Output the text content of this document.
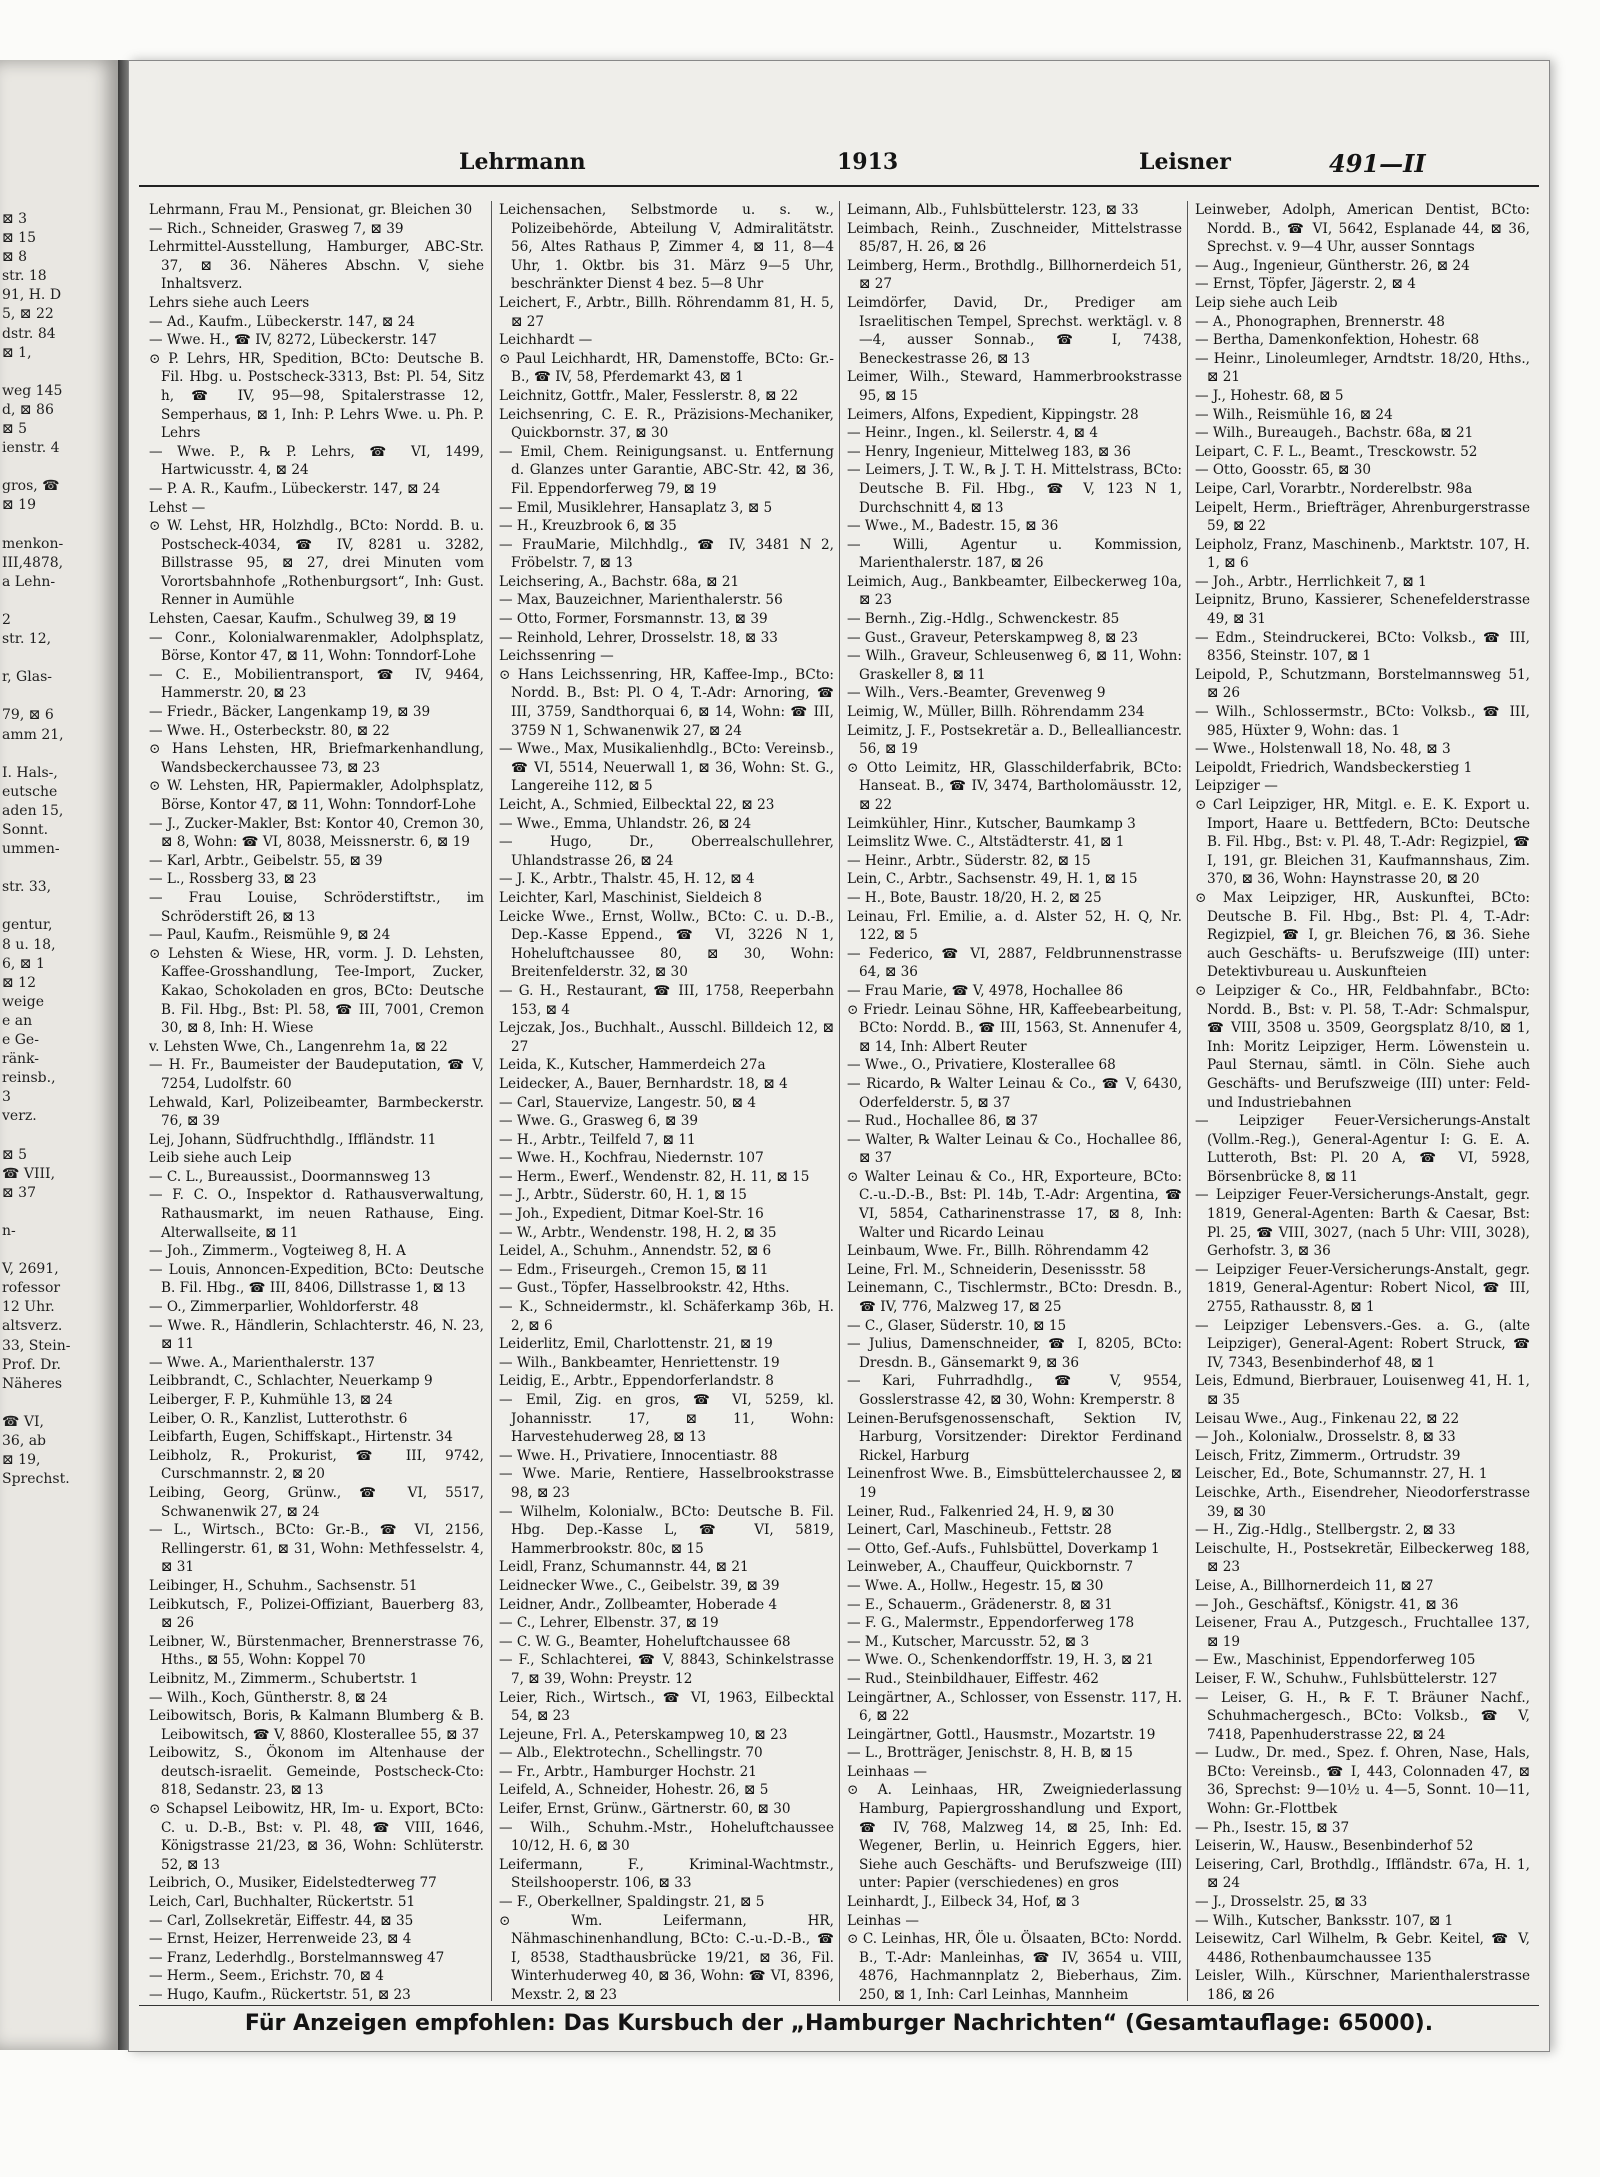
⊠ 3
⊠ 15
⊠ 8
str. 18
91, H. D
5, ⊠ 22
dstr. 84
⊠ 1,

weg 145
d, ⊠ 86
⊠ 5
ienstr. 4

gros, ☎
⊠ 19

menkon-
III,4878,
a Lehn-

2
str. 12,

r, Glas-

79, ⊠ 6
amm 21,

I. Hals-,
eutsche
aden 15,
Sonnt.
ummen-

str. 33,

gentur,
8 u. 18,
6, ⊠ 1
⊠ 12
weige
e an
e Ge-
ränk-
reinsb.,
3
verz.

⊠ 5
☎ VIII,
⊠ 37

n-

V, 2691,
rofessor
12 Uhr.
altsverz.
33, Stein-
Prof. Dr.
Näheres

☎ VI,
36, ab
⊠ 19,
Sprechst.
Lehrmann	1913	Leisner	491—II
Lehrmann, Frau M., Pensionat, gr. Bleichen 30
— Rich., Schneider, Grasweg 7, ⊠ 39
Lehrmittel-Ausstellung, Hamburger, ABC-Str. 37, ⊠ 36. Näheres Abschn. V, siehe Inhaltsverz.
Lehrs siehe auch Leers
— Ad., Kaufm., Lübeckerstr. 147, ⊠ 24
— Wwe. H., ☎ IV, 8272, Lübeckerstr. 147
⊙ P. Lehrs, HR, Spedition, BCto: Deutsche B. Fil. Hbg. u. Postscheck-3313, Bst: Pl. 54, Sitz h, ☎ IV, 95—98, Spitalerstrasse 12, Semperhaus, ⊠ 1, Inh: P. Lehrs Wwe. u. Ph. P. Lehrs
— Wwe. P., ℞ P. Lehrs, ☎ VI, 1499, Hartwicusstr. 4, ⊠ 24
— P. A. R., Kaufm., Lübeckerstr. 147, ⊠ 24
Lehst —
⊙ W. Lehst, HR, Holzhdlg., BCto: Nordd. B. u. Postscheck-4034, ☎ IV, 8281 u. 3282, Billstrasse 95, ⊠ 27, drei Minuten vom Vorortsbahnhofe „Rothenburgsort“, Inh: Gust. Renner in Aumühle
Lehsten, Caesar, Kaufm., Schulweg 39, ⊠ 19
— Conr., Kolonialwarenmakler, Adolphsplatz, Börse, Kontor 47, ⊠ 11, Wohn: Tonndorf-Lohe
— C. E., Mobilientransport, ☎ IV, 9464, Hammerstr. 20, ⊠ 23
— Friedr., Bäcker, Langenkamp 19, ⊠ 39
— Wwe. H., Osterbeckstr. 80, ⊠ 22
⊙ Hans Lehsten, HR, Briefmarkenhandlung, Wandsbeckerchaussee 73, ⊠ 23
⊙ W. Lehsten, HR, Papiermakler, Adolphsplatz, Börse, Kontor 47, ⊠ 11, Wohn: Tonndorf-Lohe
— J., Zucker-Makler, Bst: Kontor 40, Cremon 30, ⊠ 8, Wohn: ☎ VI, 8038, Meissnerstr. 6, ⊠ 19
— Karl, Arbtr., Geibelstr. 55, ⊠ 39
— L., Rossberg 33, ⊠ 23
— Frau Louise, Schröderstiftstr., im Schröderstift 26, ⊠ 13
— Paul, Kaufm., Reismühle 9, ⊠ 24
⊙ Lehsten & Wiese, HR, vorm. J. D. Lehsten, Kaffee-Grosshandlung, Tee-Import, Zucker, Kakao, Schokoladen en gros, BCto: Deutsche B. Fil. Hbg., Bst: Pl. 58, ☎ III, 7001, Cremon 30, ⊠ 8, Inh: H. Wiese
v. Lehsten Wwe, Ch., Langenrehm 1a, ⊠ 22
— H. Fr., Baumeister der Baudeputation, ☎ V, 7254, Ludolfstr. 60
Lehwald, Karl, Polizeibeamter, Barmbeckerstr. 76, ⊠ 39
Lej, Johann, Südfruchthdlg., Iffländstr. 11
Leib siehe auch Leip
— C. L., Bureaussist., Doormannsweg 13
— F. C. O., Inspektor d. Rathausverwaltung, Rathausmarkt, im neuen Rathause, Eing. Alterwallseite, ⊠ 11
— Joh., Zimmerm., Vogteiweg 8, H. A
— Louis, Annoncen-Expedition, BCto: Deutsche B. Fil. Hbg., ☎ III, 8406, Dillstrasse 1, ⊠ 13
— O., Zimmerparlier, Wohldorferstr. 48
— Wwe. R., Händlerin, Schlachterstr. 46, N. 23, ⊠ 11
— Wwe. A., Marienthalerstr. 137
Leibbrandt, C., Schlachter, Neuerkamp 9
Leiberger, F. P., Kuhmühle 13, ⊠ 24
Leiber, O. R., Kanzlist, Lutterothstr. 6
Leibfarth, Eugen, Schiffskapt., Hirtenstr. 34
Leibholz, R., Prokurist, ☎ III, 9742, Curschmannstr. 2, ⊠ 20
Leibing, Georg, Grünw., ☎ VI, 5517, Schwanenwik 27, ⊠ 24
— L., Wirtsch., BCto: Gr.-B., ☎ VI, 2156, Rellingerstr. 61, ⊠ 31, Wohn: Methfesselstr. 4, ⊠ 31
Leibinger, H., Schuhm., Sachsenstr. 51
Leibkutsch, F., Polizei-Offiziant, Bauerberg 83, ⊠ 26
Leibner, W., Bürstenmacher, Brennerstrasse 76, Hths., ⊠ 55, Wohn: Koppel 70
Leibnitz, M., Zimmerm., Schubertstr. 1
— Wilh., Koch, Güntherstr. 8, ⊠ 24
Leibowitsch, Boris, ℞ Kalmann Blumberg & B. Leibowitsch, ☎ V, 8860, Klosterallee 55, ⊠ 37
Leibowitz, S., Ökonom im Altenhause der deutsch-israelit. Gemeinde, Postscheck-Cto: 818, Sedanstr. 23, ⊠ 13
⊙ Schapsel Leibowitz, HR, Im- u. Export, BCto: C. u. D.-B., Bst: v. Pl. 48, ☎ VIII, 1646, Königstrasse 21/23, ⊠ 36, Wohn: Schlüterstr. 52, ⊠ 13
Leibrich, O., Musiker, Eidelstedterweg 77
Leich, Carl, Buchhalter, Rückertstr. 51
— Carl, Zollsekretär, Eiffestr. 44, ⊠ 35
— Ernst, Heizer, Herrenweide 23, ⊠ 4
— Franz, Lederhdlg., Borstelmannsweg 47
— Herm., Seem., Erichstr. 70, ⊠ 4
— Hugo, Kaufm., Rückertstr. 51, ⊠ 23
Leichensachen, Selbstmorde u. s. w., Polizeibehörde, Abteilung V, Admiralitätstr. 56, Altes Rathaus P, Zimmer 4, ⊠ 11, 8—4 Uhr, 1. Oktbr. bis 31. März 9—5 Uhr, beschränkter Dienst 4 bez. 5—8 Uhr
Leichert, F., Arbtr., Billh. Röhrendamm 81, H. 5, ⊠ 27
Leichhardt —
⊙ Paul Leichhardt, HR, Damenstoffe, BCto: Gr.-B., ☎ IV, 58, Pferdemarkt 43, ⊠ 1
Leichnitz, Gottfr., Maler, Fesslerstr. 8, ⊠ 22
Leichsenring, C. E. R., Präzisions-Mechaniker, Quickbornstr. 37, ⊠ 30
— Emil, Chem. Reinigungsanst. u. Entfernung d. Glanzes unter Garantie, ABC-Str. 42, ⊠ 36, Fil. Eppendorferweg 79, ⊠ 19
— Emil, Musiklehrer, Hansaplatz 3, ⊠ 5
— H., Kreuzbrook 6, ⊠ 35
— FrauMarie, Milchhdlg., ☎ IV, 3481 N 2, Fröbelstr. 7, ⊠ 13
Leichsering, A., Bachstr. 68a, ⊠ 21
— Max, Bauzeichner, Marienthalerstr. 56
— Otto, Former, Forsmannstr. 13, ⊠ 39
— Reinhold, Lehrer, Drosselstr. 18, ⊠ 33
Leichssenring —
⊙ Hans Leichssenring, HR, Kaffee-Imp., BCto: Nordd. B., Bst: Pl. O 4, T.-Adr: Arnoring, ☎ III, 3759, Sandthorquai 6, ⊠ 14, Wohn: ☎ III, 3759 N 1, Schwanenwik 27, ⊠ 24
— Wwe., Max, Musikalienhdlg., BCto: Vereinsb., ☎ VI, 5514, Neuerwall 1, ⊠ 36, Wohn: St. G., Langereihe 112, ⊠ 5
Leicht, A., Schmied, Eilbecktal 22, ⊠ 23
— Wwe., Emma, Uhlandstr. 26, ⊠ 24
— Hugo, Dr., Oberrealschullehrer, Uhlandstrasse 26, ⊠ 24
— J. K., Arbtr., Thalstr. 45, H. 12, ⊠ 4
Leichter, Karl, Maschinist, Sieldeich 8
Leicke Wwe., Ernst, Wollw., BCto: C. u. D.-B., Dep.-Kasse Eppend., ☎ VI, 3226 N 1, Hoheluftchaussee 80, ⊠ 30, Wohn: Breitenfelderstr. 32, ⊠ 30
— G. H., Restaurant, ☎ III, 1758, Reeperbahn 153, ⊠ 4
Lejczak, Jos., Buchhalt., Ausschl. Billdeich 12, ⊠ 27
Leida, K., Kutscher, Hammerdeich 27a
Leidecker, A., Bauer, Bernhardstr. 18, ⊠ 4
— Carl, Stauervize, Langestr. 50, ⊠ 4
— Wwe. G., Grasweg 6, ⊠ 39
— H., Arbtr., Teilfeld 7, ⊠ 11
— Wwe. H., Kochfrau, Niedernstr. 107
— Herm., Ewerf., Wendenstr. 82, H. 11, ⊠ 15
— J., Arbtr., Süderstr. 60, H. 1, ⊠ 15
— Joh., Expedient, Ditmar Koel-Str. 16
— W., Arbtr., Wendenstr. 198, H. 2, ⊠ 35
Leidel, A., Schuhm., Annendstr. 52, ⊠ 6
— Edm., Friseurgeh., Cremon 15, ⊠ 11
— Gust., Töpfer, Hasselbrookstr. 42, Hths.
— K., Schneidermstr., kl. Schäferkamp 36b, H. 2, ⊠ 6
Leiderlitz, Emil, Charlottenstr. 21, ⊠ 19
— Wilh., Bankbeamter, Henriettenstr. 19
Leidig, E., Arbtr., Eppendorferlandstr. 8
— Emil, Zig. en gros, ☎ VI, 5259, kl. Johannisstr. 17, ⊠ 11, Wohn: Harvestehuderweg 28, ⊠ 13
— Wwe. H., Privatiere, Innocentiastr. 88
— Wwe. Marie, Rentiere, Hasselbrookstrasse 98, ⊠ 23
— Wilhelm, Kolonialw., BCto: Deutsche B. Fil. Hbg. Dep.-Kasse L, ☎ VI, 5819, Hammerbrookstr. 80c, ⊠ 15
Leidl, Franz, Schumannstr. 44, ⊠ 21
Leidnecker Wwe., C., Geibelstr. 39, ⊠ 39
Leidner, Andr., Zollbeamter, Hoberade 4
— C., Lehrer, Elbenstr. 37, ⊠ 19
— C. W. G., Beamter, Hoheluftchaussee 68
— F., Schlachterei, ☎ V, 8843, Schinkelstrasse 7, ⊠ 39, Wohn: Preystr. 12
Leier, Rich., Wirtsch., ☎ VI, 1963, Eilbecktal 54, ⊠ 23
Lejeune, Frl. A., Peterskampweg 10, ⊠ 23
— Alb., Elektrotechn., Schellingstr. 70
— Fr., Arbtr., Hamburger Hochstr. 21
Leifeld, A., Schneider, Hohestr. 26, ⊠ 5
Leifer, Ernst, Grünw., Gärtnerstr. 60, ⊠ 30
— Wilh., Schuhm.-Mstr., Hoheluftchaussee 10/12, H. 6, ⊠ 30
Leifermann, F., Kriminal-Wachtmstr., Steilshooperstr. 106, ⊠ 33
— F., Oberkellner, Spaldingstr. 21, ⊠ 5
⊙ Wm. Leifermann, HR, Nähmaschinenhandlung, BCto: C.-u.-D.-B., ☎ I, 8538, Stadthausbrücke 19/21, ⊠ 36, Fil. Winterhuderweg 40, ⊠ 36, Wohn: ☎ VI, 8396, Mexstr. 2, ⊠ 23
Leimann, Alb., Fuhlsbüttelerstr. 123, ⊠ 33
Leimbach, Reinh., Zuschneider, Mittelstrasse 85/87, H. 26, ⊠ 26
Leimberg, Herm., Brothdlg., Billhornerdeich 51, ⊠ 27
Leimdörfer, David, Dr., Prediger am Israelitischen Tempel, Sprechst. werktägl. v. 8—4, ausser Sonnab., ☎ I, 7438, Beneckestrasse 26, ⊠ 13
Leimer, Wilh., Steward, Hammerbrookstrasse 95, ⊠ 15
Leimers, Alfons, Expedient, Kippingstr. 28
— Heinr., Ingen., kl. Seilerstr. 4, ⊠ 4
— Henry, Ingenieur, Mittelweg 183, ⊠ 36
— Leimers, J. T. W., ℞ J. T. H. Mittelstrass, BCto: Deutsche B. Fil. Hbg., ☎ V, 123 N 1, Durchschnitt 4, ⊠ 13
— Wwe., M., Badestr. 15, ⊠ 36
— Willi, Agentur u. Kommission, Marienthalerstr. 187, ⊠ 26
Leimich, Aug., Bankbeamter, Eilbeckerweg 10a, ⊠ 23
— Bernh., Zig.-Hdlg., Schwenckestr. 85
— Gust., Graveur, Peterskampweg 8, ⊠ 23
— Wilh., Graveur, Schleusenweg 6, ⊠ 11, Wohn: Graskeller 8, ⊠ 11
— Wilh., Vers.-Beamter, Grevenweg 9
Leimig, W., Müller, Billh. Röhrendamm 234
Leimitz, J. F., Postsekretär a. D., Bellealliancestr. 56, ⊠ 19
⊙ Otto Leimitz, HR, Glasschilderfabrik, BCto: Hanseat. B., ☎ IV, 3474, Bartholomäusstr. 12, ⊠ 22
Leimkühler, Hinr., Kutscher, Baumkamp 3
Leimslitz Wwe. C., Altstädterstr. 41, ⊠ 1
— Heinr., Arbtr., Süderstr. 82, ⊠ 15
Lein, C., Arbtr., Sachsenstr. 49, H. 1, ⊠ 15
— H., Bote, Baustr. 18/20, H. 2, ⊠ 25
Leinau, Frl. Emilie, a. d. Alster 52, H. Q, Nr. 122, ⊠ 5
— Federico, ☎ VI, 2887, Feldbrunnenstrasse 64, ⊠ 36
— Frau Marie, ☎ V, 4978, Hochallee 86
⊙ Friedr. Leinau Söhne, HR, Kaffeebearbeitung, BCto: Nordd. B., ☎ III, 1563, St. Annenufer 4, ⊠ 14, Inh: Albert Reuter
— Wwe., O., Privatiere, Klosterallee 68
— Ricardo, ℞ Walter Leinau & Co., ☎ V, 6430, Oderfelderstr. 5, ⊠ 37
— Rud., Hochallee 86, ⊠ 37
— Walter, ℞ Walter Leinau & Co., Hochallee 86, ⊠ 37
⊙ Walter Leinau & Co., HR, Exporteure, BCto: C.-u.-D.-B., Bst: Pl. 14b, T.-Adr: Argentina, ☎ VI, 5854, Catharinenstrasse 17, ⊠ 8, Inh: Walter und Ricardo Leinau
Leinbaum, Wwe. Fr., Billh. Röhrendamm 42
Leine, Frl. M., Schneiderin, Desenissstr. 58
Leinemann, C., Tischlermstr., BCto: Dresdn. B., ☎ IV, 776, Malzweg 17, ⊠ 25
— C., Glaser, Süderstr. 10, ⊠ 15
— Julius, Damenschneider, ☎ I, 8205, BCto: Dresdn. B., Gänsemarkt 9, ⊠ 36
— Kari, Fuhrradhdlg., ☎ V, 9554, Gosslerstrasse 42, ⊠ 30, Wohn: Kremperstr. 8
Leinen-Berufsgenossenschaft, Sektion IV, Harburg, Vorsitzender: Direktor Ferdinand Rickel, Harburg
Leinenfrost Wwe. B., Eimsbüttelerchaussee 2, ⊠ 19
Leiner, Rud., Falkenried 24, H. 9, ⊠ 30
Leinert, Carl, Maschineub., Fettstr. 28
— Otto, Gef.-Aufs., Fuhlsbüttel, Doverkamp 1
Leinweber, A., Chauffeur, Quickbornstr. 7
— Wwe. A., Hollw., Hegestr. 15, ⊠ 30
— E., Schauerm., Grädenerstr. 8, ⊠ 31
— F. G., Malermstr., Eppendorferweg 178
— M., Kutscher, Marcusstr. 52, ⊠ 3
— Wwe. O., Schenkendorffstr. 19, H. 3, ⊠ 21
— Rud., Steinbildhauer, Eiffestr. 462
Leingärtner, A., Schlosser, von Essenstr. 117, H. 6, ⊠ 22
Leingärtner, Gottl., Hausmstr., Mozartstr. 19
— L., Brotträger, Jenischstr. 8, H. B, ⊠ 15
Leinhaas —
⊙ A. Leinhaas, HR, Zweigniederlassung Hamburg, Papiergrosshandlung und Export, ☎ IV, 768, Malzweg 14, ⊠ 25, Inh: Ed. Wegener, Berlin, u. Heinrich Eggers, hier. Siehe auch Geschäfts- und Berufszweige (III) unter: Papier (verschiedenes) en gros
Leinhardt, J., Eilbeck 34, Hof, ⊠ 3
Leinhas —
⊙ C. Leinhas, HR, Öle u. Ölsaaten, BCto: Nordd. B., T.-Adr: Manleinhas, ☎ IV, 3654 u. VIII, 4876, Hachmannplatz 2, Bieberhaus, Zim. 250, ⊠ 1, Inh: Carl Leinhas, Mannheim
Leinweber, Adolph, American Dentist, BCto: Nordd. B., ☎ VI, 5642, Esplanade 44, ⊠ 36, Sprechst. v. 9—4 Uhr, ausser Sonntags
— Aug., Ingenieur, Güntherstr. 26, ⊠ 24
— Ernst, Töpfer, Jägerstr. 2, ⊠ 4
Leip siehe auch Leib
— A., Phonographen, Brennerstr. 48
— Bertha, Damenkonfektion, Hohestr. 68
— Heinr., Linoleumleger, Arndtstr. 18/20, Hths., ⊠ 21
— J., Hohestr. 68, ⊠ 5
— Wilh., Reismühle 16, ⊠ 24
— Wilh., Bureaugeh., Bachstr. 68a, ⊠ 21
Leipart, C. F. L., Beamt., Tresckowstr. 52
— Otto, Goosstr. 65, ⊠ 30
Leipe, Carl, Vorarbtr., Norderelbstr. 98a
Leipelt, Herm., Briefträger, Ahrenburgerstrasse 59, ⊠ 22
Leipholz, Franz, Maschinenb., Marktstr. 107, H. 1, ⊠ 6
— Joh., Arbtr., Herrlichkeit 7, ⊠ 1
Leipnitz, Bruno, Kassierer, Schenefelderstrasse 49, ⊠ 31
— Edm., Steindruckerei, BCto: Volksb., ☎ III, 8356, Steinstr. 107, ⊠ 1
Leipold, P., Schutzmann, Borstelmannsweg 51, ⊠ 26
— Wilh., Schlossermstr., BCto: Volksb., ☎ III, 985, Hüxter 9, Wohn: das. 1
— Wwe., Holstenwall 18, No. 48, ⊠ 3
Leipoldt, Friedrich, Wandsbeckerstieg 1
Leipziger —
⊙ Carl Leipziger, HR, Mitgl. e. E. K. Export u. Import, Haare u. Bettfedern, BCto: Deutsche B. Fil. Hbg., Bst: v. Pl. 48, T.-Adr: Regizpiel, ☎ I, 191, gr. Bleichen 31, Kaufmannshaus, Zim. 370, ⊠ 36, Wohn: Haynstrasse 20, ⊠ 20
⊙ Max Leipziger, HR, Auskunftei, BCto: Deutsche B. Fil. Hbg., Bst: Pl. 4, T.-Adr: Regizpiel, ☎ I, gr. Bleichen 76, ⊠ 36. Siehe auch Geschäfts- u. Berufszweige (III) unter: Detektivbureau u. Auskunfteien
⊙ Leipziger & Co., HR, Feldbahnfabr., BCto: Nordd. B., Bst: v. Pl. 58, T.-Adr: Schmalspur, ☎ VIII, 3508 u. 3509, Georgsplatz 8/10, ⊠ 1, Inh: Moritz Leipziger, Herm. Löwenstein u. Paul Sternau, sämtl. in Cöln. Siehe auch Geschäfts- und Berufszweige (III) unter: Feld- und Industriebahnen
— Leipziger Feuer-Versicherungs-Anstalt (Vollm.-Reg.), General-Agentur I: G. E. A. Lutteroth, Bst: Pl. 20 A, ☎ VI, 5928, Börsenbrücke 8, ⊠ 11
— Leipziger Feuer-Versicherungs-Anstalt, gegr. 1819, General-Agenten: Barth & Caesar, Bst: Pl. 25, ☎ VIII, 3027, (nach 5 Uhr: VIII, 3028), Gerhofstr. 3, ⊠ 36
— Leipziger Feuer-Versicherungs-Anstalt, gegr. 1819, General-Agentur: Robert Nicol, ☎ III, 2755, Rathausstr. 8, ⊠ 1
— Leipziger Lebensvers.-Ges. a. G., (alte Leipziger), General-Agent: Robert Struck, ☎ IV, 7343, Besenbinderhof 48, ⊠ 1
Leis, Edmund, Bierbrauer, Louisenweg 41, H. 1, ⊠ 35
Leisau Wwe., Aug., Finkenau 22, ⊠ 22
— Joh., Kolonialw., Drosselstr. 8, ⊠ 33
Leisch, Fritz, Zimmerm., Ortrudstr. 39
Leischer, Ed., Bote, Schumannstr. 27, H. 1
Leischke, Arth., Eisendreher, Nieodorferstrasse 39, ⊠ 30
— H., Zig.-Hdlg., Stellbergstr. 2, ⊠ 33
Leischulte, H., Postsekretär, Eilbeckerweg 188, ⊠ 23
Leise, A., Billhornerdeich 11, ⊠ 27
— Joh., Geschäftsf., Königstr. 41, ⊠ 36
Leisener, Frau A., Putzgesch., Fruchtallee 137, ⊠ 19
— Ew., Maschinist, Eppendorferweg 105
Leiser, F. W., Schuhw., Fuhlsbüttelerstr. 127
— Leiser, G. H., ℞ F. T. Bräuner Nachf., Schuhmachergesch., BCto: Volksb., ☎ V, 7418, Papenhuderstrasse 22, ⊠ 24
— Ludw., Dr. med., Spez. f. Ohren, Nase, Hals, BCto: Vereinsb., ☎ I, 443, Colonnaden 47, ⊠ 36, Sprechst: 9—10½ u. 4—5, Sonnt. 10—11, Wohn: Gr.-Flottbek
— Ph., Isestr. 15, ⊠ 37
Leiserin, W., Hausw., Besenbinderhof 52
Leisering, Carl, Brothdlg., Iffländstr. 67a, H. 1, ⊠ 24
— J., Drosselstr. 25, ⊠ 33
— Wilh., Kutscher, Banksstr. 107, ⊠ 1
Leisewitz, Carl Wilhelm, ℞ Gebr. Keitel, ☎ V, 4486, Rothenbaumchaussee 135
Leisler, Wilh., Kürschner, Marienthalerstrasse 186, ⊠ 26
Für Anzeigen empfohlen: Das Kursbuch der „Hamburger Nachrichten“ (Gesamtauflage: 65000).
